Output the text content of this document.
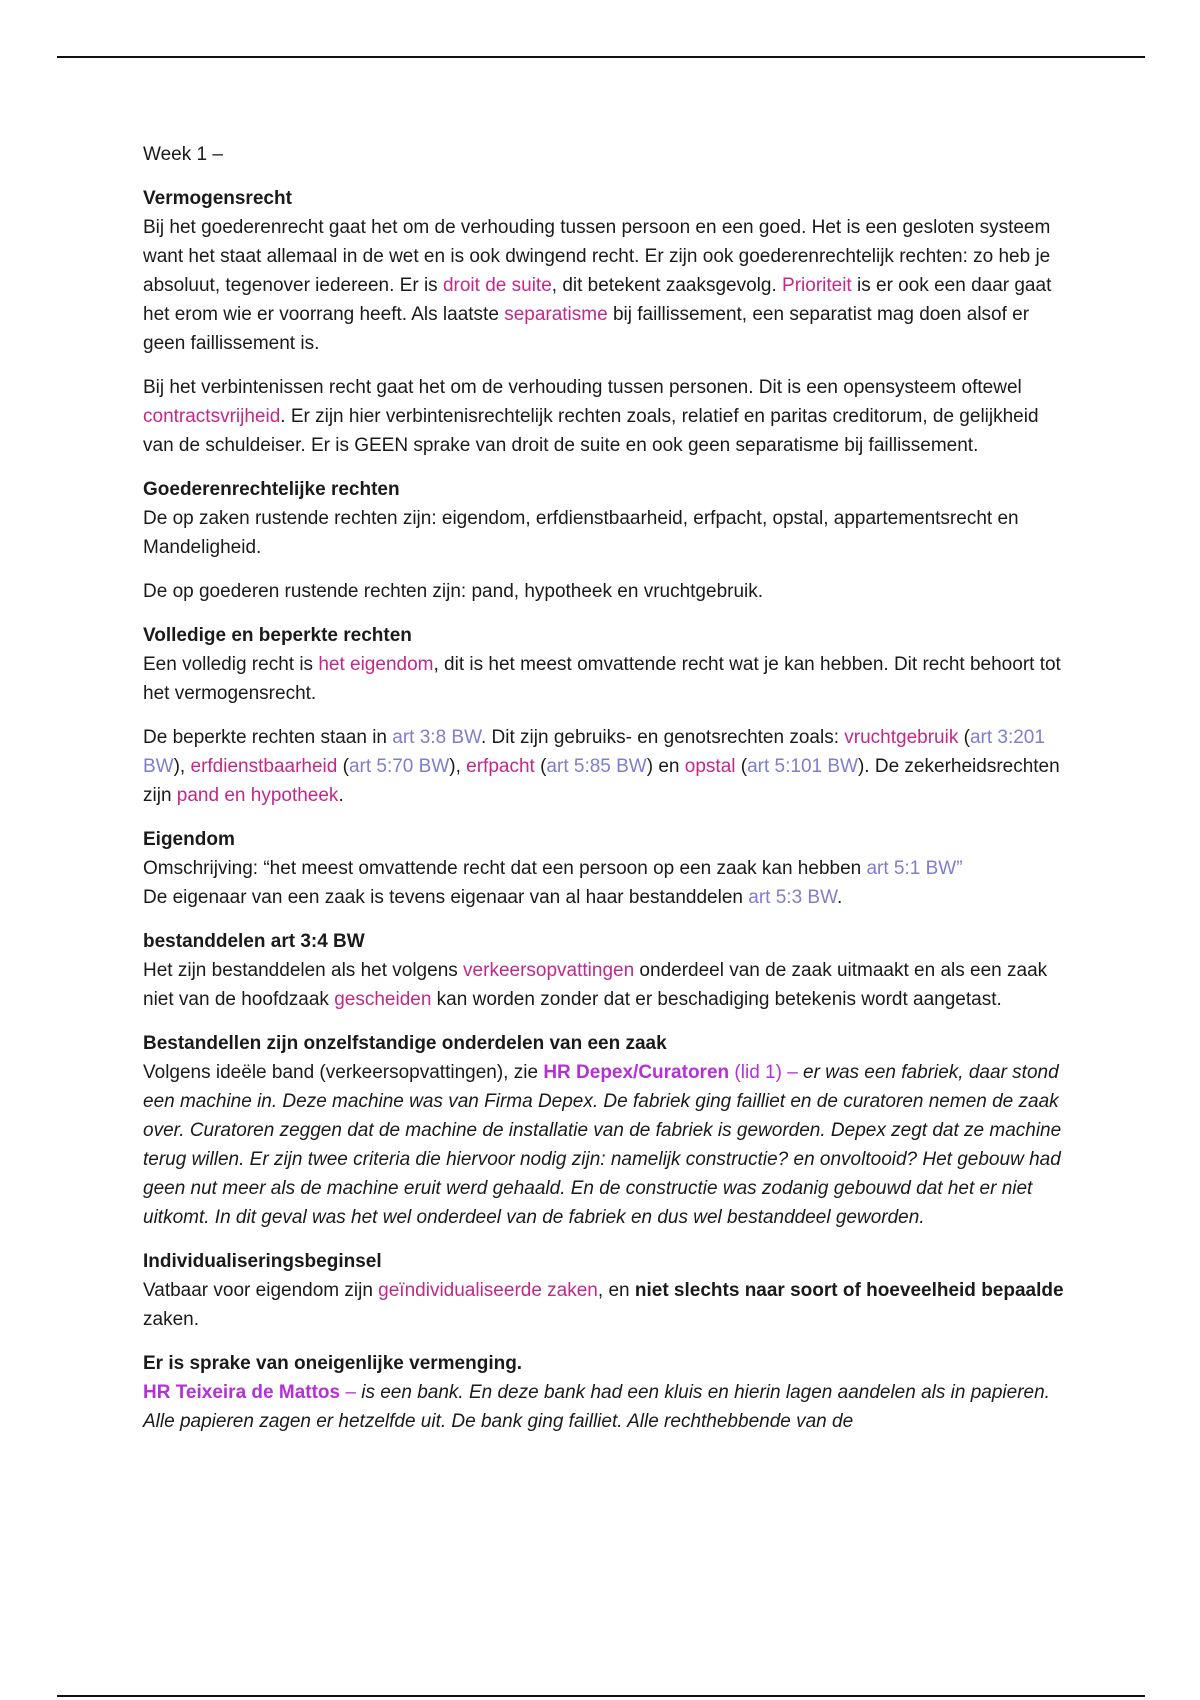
Week 1 –

Vermogensrecht
Bij het goederenrecht gaat het om de verhouding tussen persoon en een goed. Het is een gesloten systeem want het staat allemaal in de wet en is ook dwingend recht. Er zijn ook goederenrechtelijk rechten: zo heb je absoluut, tegenover iedereen. Er is droit de suite, dit betekent zaaksgevolg. Prioriteit is er ook een daar gaat het erom wie er voorrang heeft. Als laatste separatisme bij faillissement, een separatist mag doen alsof er geen faillissement is.

Bij het verbintenissen recht gaat het om de verhouding tussen personen. Dit is een opensysteem oftewel contractsvrijheid. Er zijn hier verbintenisrechtelijk rechten zoals, relatief en paritas creditorum, de gelijkheid van de schuldeiser. Er is GEEN sprake van droit de suite en ook geen separatisme bij faillissement.

Goederenrechtelijke rechten
De op zaken rustende rechten zijn: eigendom, erfdienstbaarheid, erfpacht, opstal, appartementsrecht en Mandeligheid.

De op goederen rustende rechten zijn: pand, hypotheek en vruchtgebruik.

Volledige en beperkte rechten
Een volledig recht is het eigendom, dit is het meest omvattende recht wat je kan hebben. Dit recht behoort tot het vermogensrecht.

De beperkte rechten staan in art 3:8 BW. Dit zijn gebruiks- en genotsrechten zoals: vruchtgebruik (art 3:201 BW), erfdienstbaarheid (art 5:70 BW), erfpacht (art 5:85 BW) en opstal (art 5:101 BW). De zekerheidsrechten zijn pand en hypotheek.

Eigendom
Omschrijving: “het meest omvattende recht dat een persoon op een zaak kan hebben art 5:1 BW”
De eigenaar van een zaak is tevens eigenaar van al haar bestanddelen art 5:3 BW.

bestanddelen art 3:4 BW
Het zijn bestanddelen als het volgens verkeersopvattingen onderdeel van de zaak uitmaakt en als een zaak niet van de hoofdzaak gescheiden kan worden zonder dat er beschadiging betekenis wordt aangetast.

Bestandellen zijn onzelfstandige onderdelen van een zaak
Volgens ideële band (verkeersopvattingen), zie HR Depex/Curatoren (lid 1) – er was een fabriek, daar stond een machine in. Deze machine was van Firma Depex. De fabriek ging failliet en de curatoren nemen de zaak over. Curatoren zeggen dat de machine de installatie van de fabriek is geworden. Depex zegt dat ze machine terug willen. Er zijn twee criteria die hiervoor nodig zijn: namelijk constructie? en onvoltooid? Het gebouw had geen nut meer als de machine eruit werd gehaald. En de constructie was zodanig gebouwd dat het er niet uitkomt. In dit geval was het wel onderdeel van de fabriek en dus wel bestanddeel geworden.

Individualiseringsbeginsel
Vatbaar voor eigendom zijn geïndividualiseerde zaken, en niet slechts naar soort of hoeveelheid bepaalde zaken.

Er is sprake van oneigenlijke vermenging.
HR Teixeira de Mattos – is een bank. En deze bank had een kluis en hierin lagen aandelen als in papieren. Alle papieren zagen er hetzelfde uit. De bank ging failliet. Alle rechthebbende van de
